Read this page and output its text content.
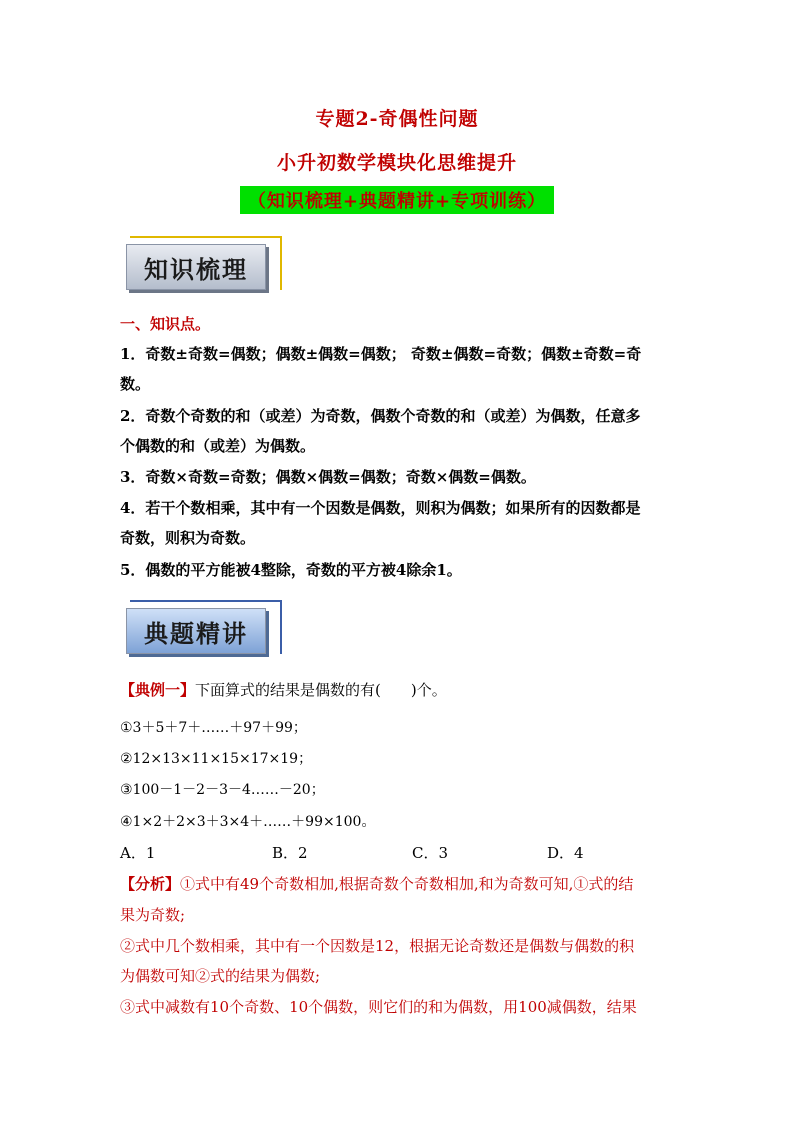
专题2-奇偶性问题
小升初数学模块化思维提升
（知识梳理+典题精讲+专项训练）
知识梳理
一、知识点。
1．奇数±奇数=偶数；偶数±偶数=偶数； 奇数±偶数=奇数；偶数±奇数=奇
数。
2．奇数个奇数的和（或差）为奇数，偶数个奇数的和（或差）为偶数，任意多
个偶数的和（或差）为偶数。
3．奇数×奇数=奇数；偶数×偶数=偶数；奇数×偶数=偶数。
4．若干个数相乘，其中有一个因数是偶数，则积为偶数；如果所有的因数都是
奇数，则积为奇数。
5．偶数的平方能被4整除，奇数的平方被4除余1。
典题精讲
【典例一】下面算式的结果是偶数的有(　　)个。
①3＋5＋7＋……＋97＋99；
②12×13×11×15×17×19；
③100－1－2－3－4……－20；
④1×2＋2×3＋3×4＋……＋99×100。
A．1	B．2	C．3	D．4
【分析】①式中有49个奇数相加,根据奇数个奇数相加,和为奇数可知,①式的结
果为奇数;
②式中几个数相乘，其中有一个因数是12，根据无论奇数还是偶数与偶数的积
为偶数可知②式的结果为偶数;
③式中减数有10个奇数、10个偶数，则它们的和为偶数，用100减偶数，结果
